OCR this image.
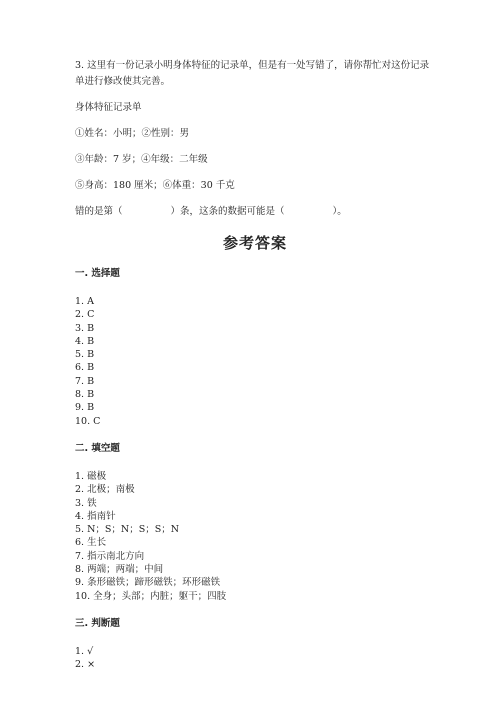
3. 这里有一份记录小明身体特征的记录单，但是有一处写错了，请你帮忙对这份记录单进行修改使其完善。
身体特征记录单
①姓名：小明；②性别：男
③年龄：7 岁；④年级：二年级
⑤身高：180 厘米；⑥体重：30 千克
错的是第（	）条，这条的数据可能是（	）。
参考答案
一. 选择题
1. A
2. C
3. B
4. B
5. B
6. B
7. B
8. B
9. B
10. C
二. 填空题
1. 磁极
2. 北极；南极
3. 铁
4. 指南针
5. N；S；N；S；S；N
6. 生长
7. 指示南北方向
8. 两端；两端；中间
9. 条形磁铁；蹄形磁铁；环形磁铁
10. 全身；头部；内脏；躯干；四肢
三. 判断题
1. √
2. ×
